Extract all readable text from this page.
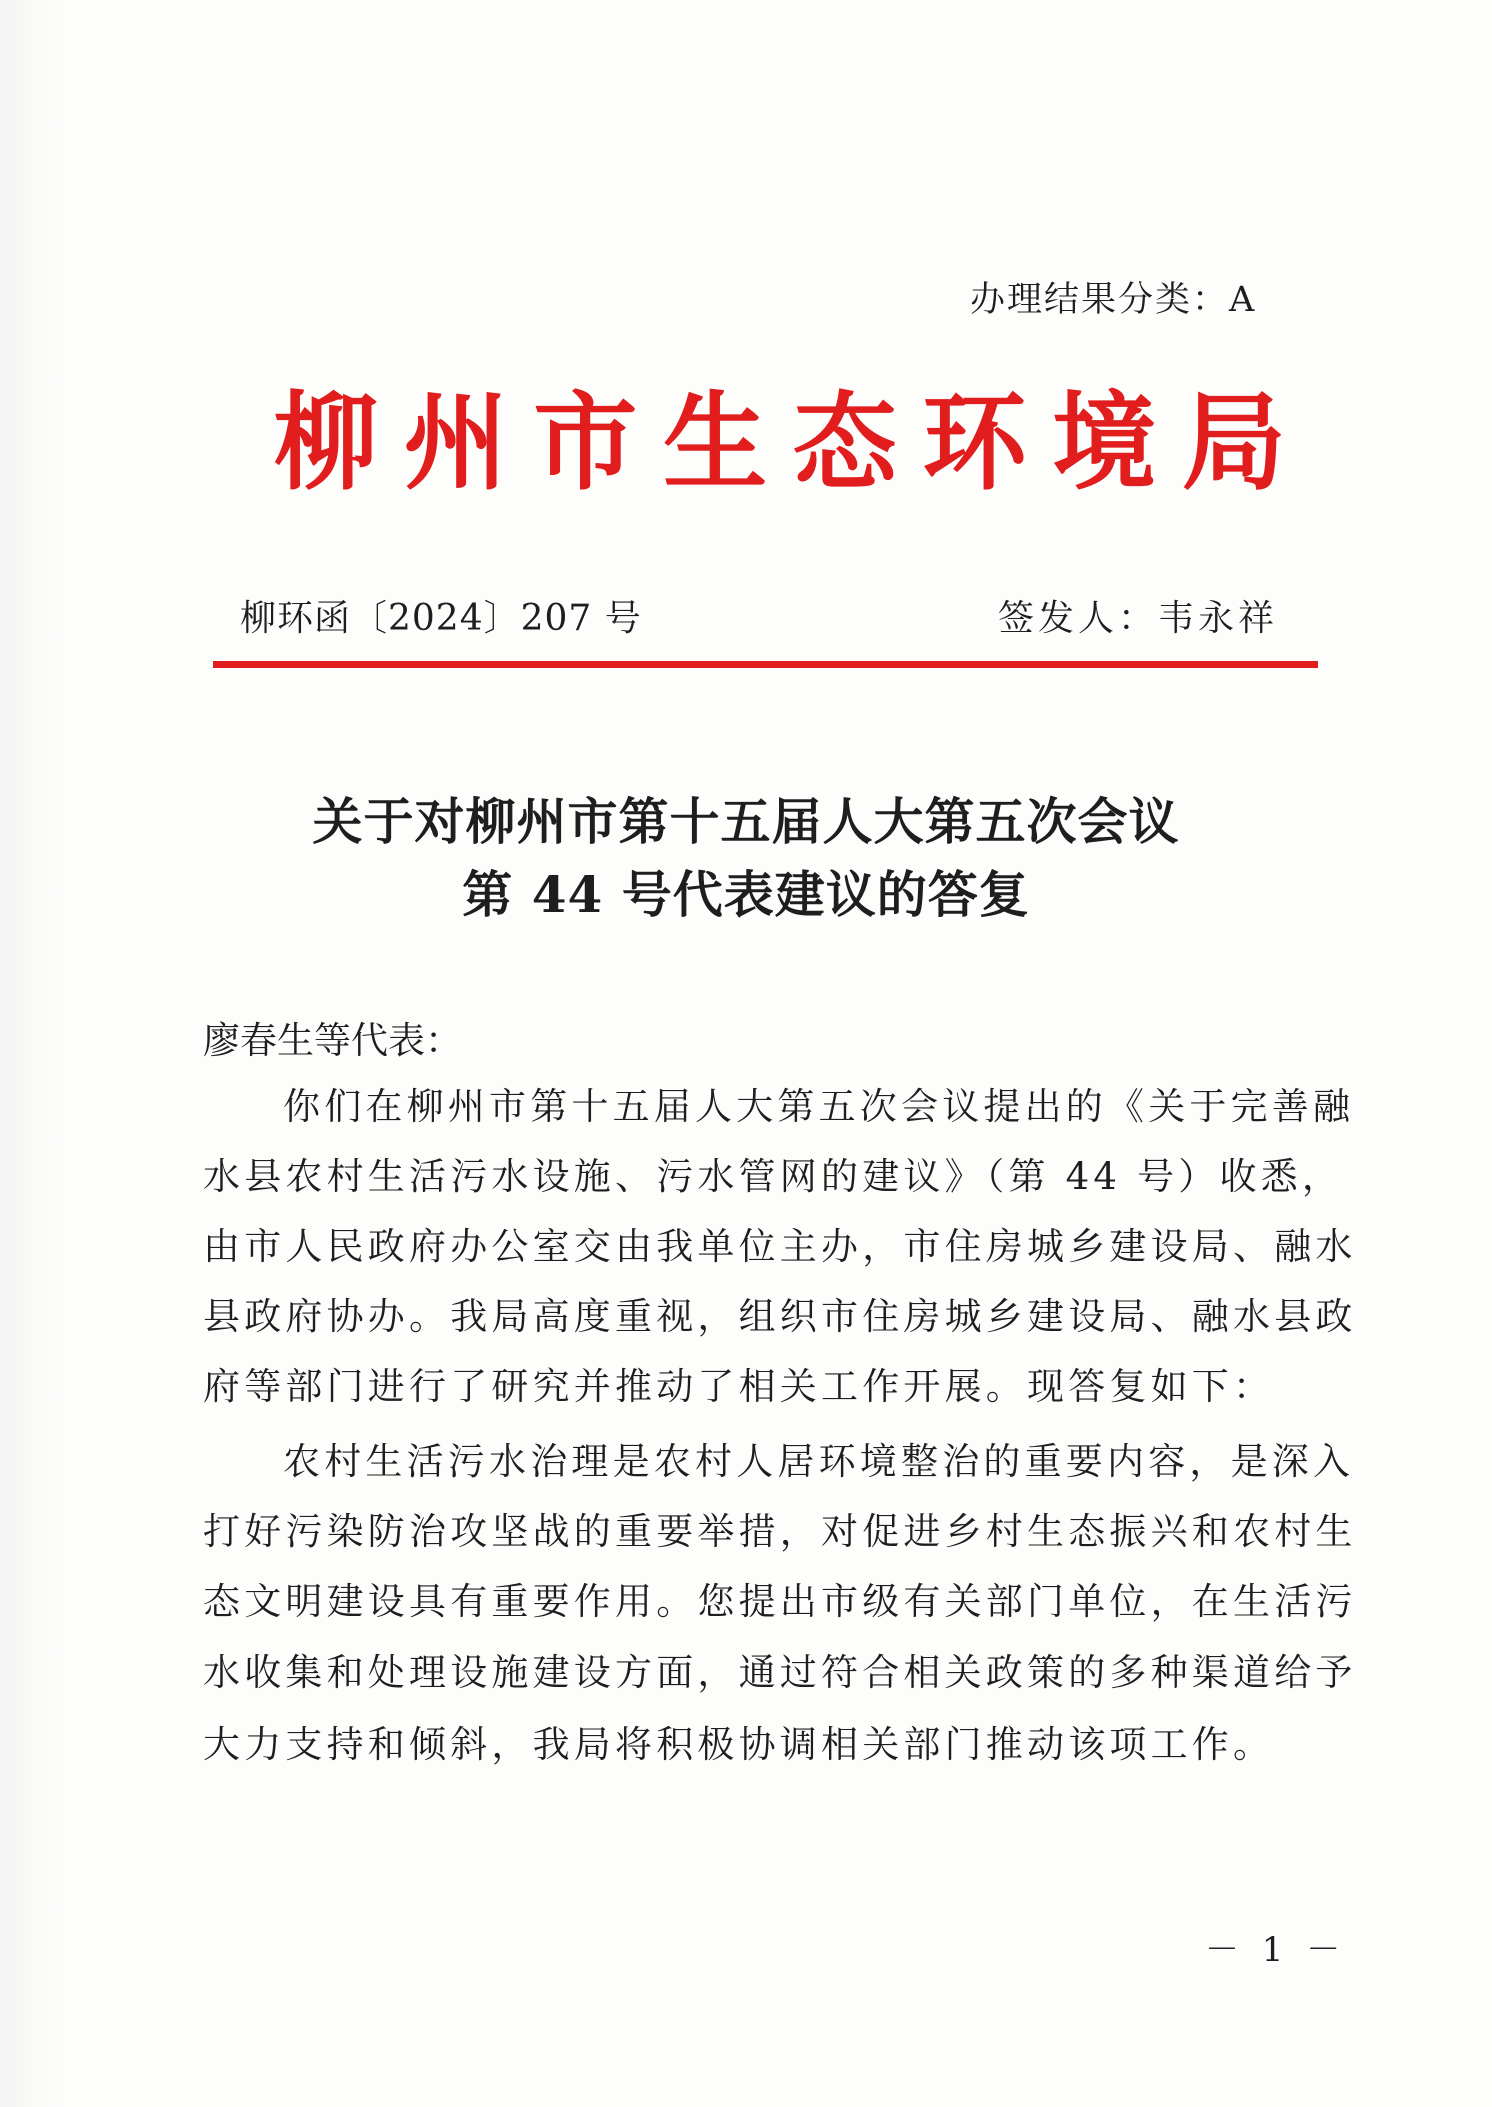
办理结果分类：A
柳 州 市 生 态 环 境 局
柳环函〔2024〕207 号	签发人：韦永祥
关于对柳州市第十五届人大第五次会议
第 44 号代表建议的答复
廖春生等代表：
你们在柳州市第十五届人大第五次会议提出的《关于完善融
水县农村生活污水设施、污水管网的建议》（第 44 号）收悉，
由市人民政府办公室交由我单位主办，市住房城乡建设局、融水
县政府协办。我局高度重视，组织市住房城乡建设局、融水县政
府等部门进行了研究并推动了相关工作开展。现答复如下：
农村生活污水治理是农村人居环境整治的重要内容，是深入
打好污染防治攻坚战的重要举措，对促进乡村生态振兴和农村生
态文明建设具有重要作用。您提出市级有关部门单位，在生活污
水收集和处理设施建设方面，通过符合相关政策的多种渠道给予
大力支持和倾斜，我局将积极协调相关部门推动该项工作。
－ 1 －
